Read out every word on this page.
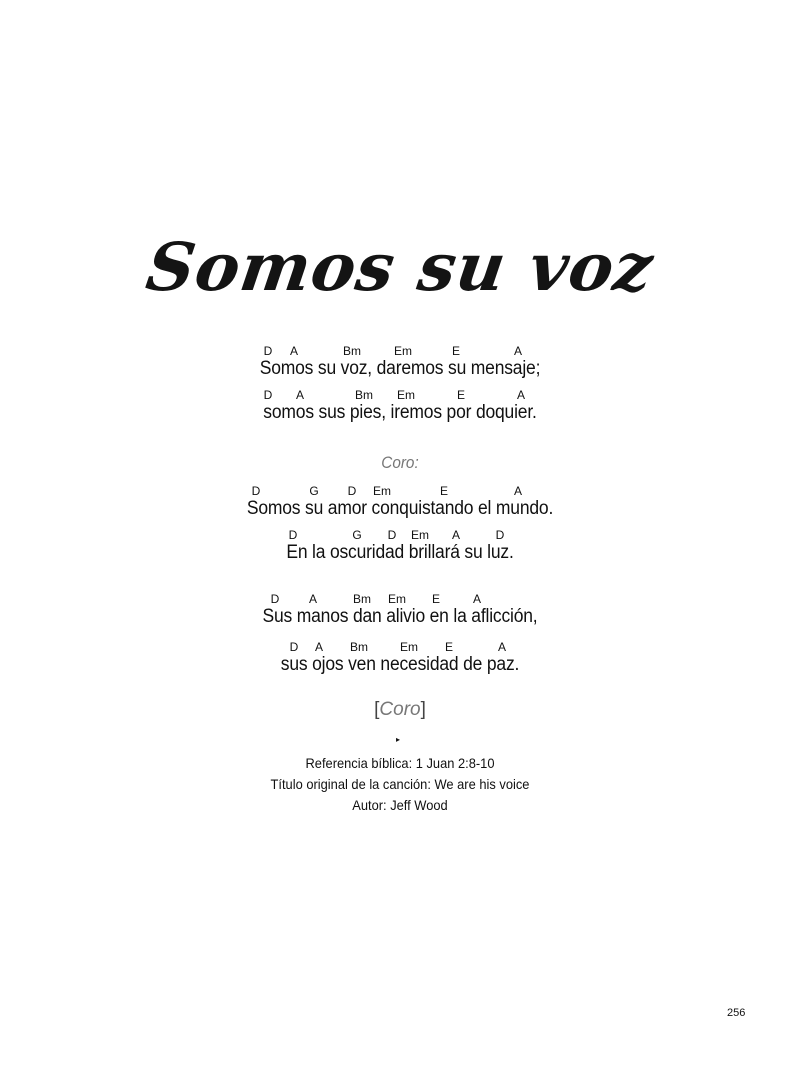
Somos su voz
D A	Bm	Em	E	A
Somos su voz, daremos su mensaje;
D A	Bm Em	E	A
somos sus pies, iremos por doquier.
Coro:
D	G D Em	E	A
Somos su amor conquistando el mundo.
D	G D Em A	D
En la oscuridad brillará su luz.
D A	Bm Em E	A
Sus manos dan alivio en la aflicción,
D A Bm	Em E	A
sus ojos ven necesidad de paz.
[Coro]
▸
Referencia bíblica: 1 Juan 2:8-10
Título original de la canción: We are his voice
Autor: Jeff Wood
256
